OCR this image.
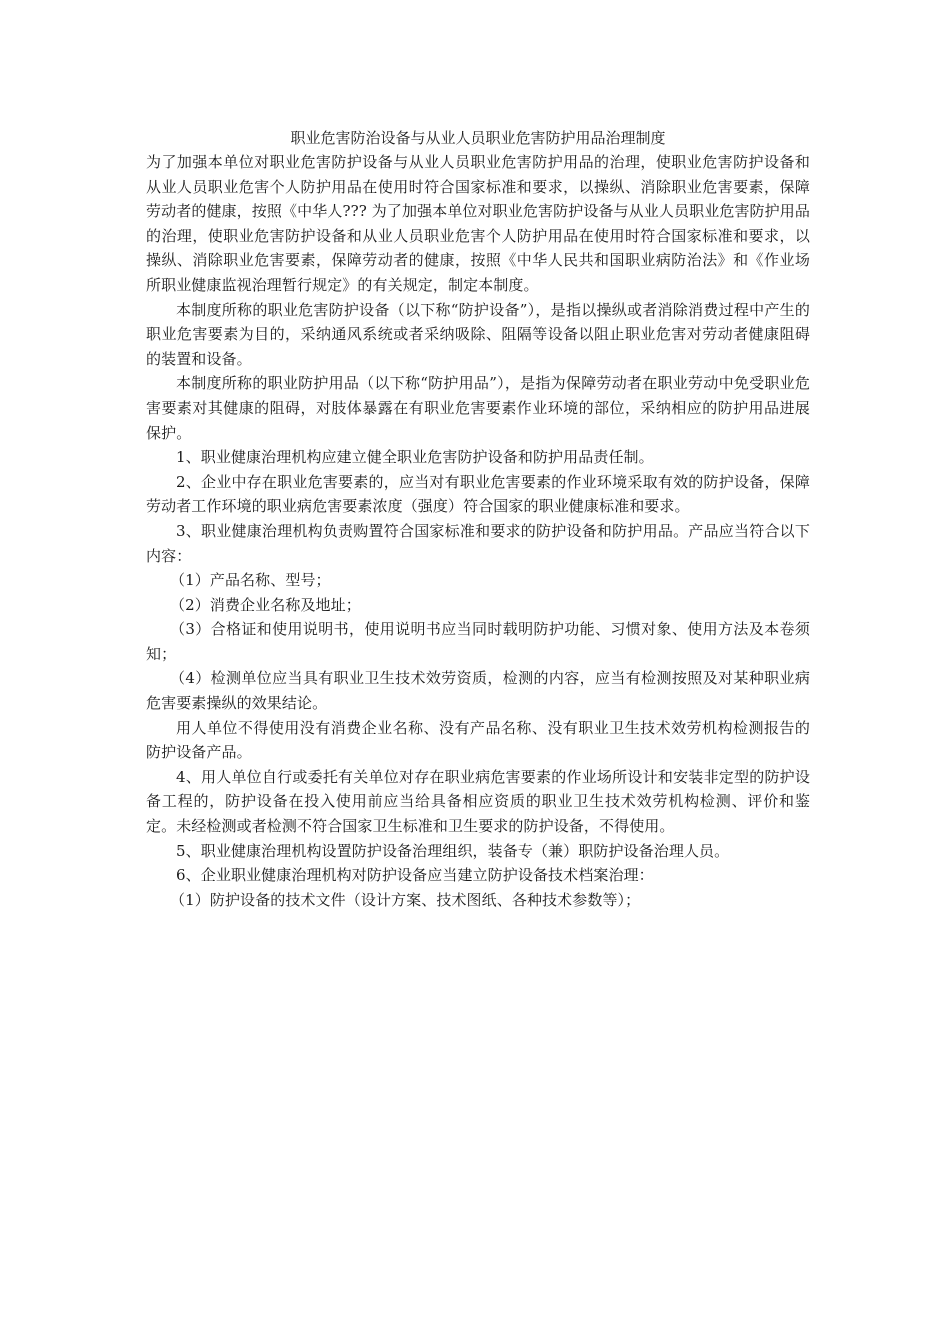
职业危害防治设备与从业人员职业危害防护用品治理制度

为了加强本单位对职业危害防护设备与从业人员职业危害防护用品的治理，使职业危害防护设备和从业人员职业危害个人防护用品在使用时符合国家标准和要求，以操纵、消除职业危害要素，保障劳动者的健康，按照《中华人??? 为了加强本单位对职业危害防护设备与从业人员职业危害防护用品的治理，使职业危害防护设备和从业人员职业危害个人防护用品在使用时符合国家标准和要求，以操纵、消除职业危害要素，保障劳动者的健康，按照《中华人民共和国职业病防治法》和《作业场所职业健康监视治理暂行规定》的有关规定，制定本制度。

本制度所称的职业危害防护设备（以下称“防护设备”），是指以操纵或者消除消费过程中产生的职业危害要素为目的，采纳通风系统或者采纳吸除、阻隔等设备以阻止职业危害对劳动者健康阻碍的装置和设备。

本制度所称的职业防护用品（以下称“防护用品”），是指为保障劳动者在职业劳动中免受职业危害要素对其健康的阻碍，对肢体暴露在有职业危害要素作业环境的部位，采纳相应的防护用品进展保护。

1、职业健康治理机构应建立健全职业危害防护设备和防护用品责任制。

2、企业中存在职业危害要素的，应当对有职业危害要素的作业环境采取有效的防护设备，保障劳动者工作环境的职业病危害要素浓度（强度）符合国家的职业健康标准和要求。

3、职业健康治理机构负责购置符合国家标准和要求的防护设备和防护用品。产品应当符合以下内容：

（1）产品名称、型号；

（2）消费企业名称及地址；

（3）合格证和使用说明书，使用说明书应当同时载明防护功能、习惯对象、使用方法及本卷须知；

（4）检测单位应当具有职业卫生技术效劳资质，检测的内容，应当有检测按照及对某种职业病危害要素操纵的效果结论。

用人单位不得使用没有消费企业名称、没有产品名称、没有职业卫生技术效劳机构检测报告的防护设备产品。

4、用人单位自行或委托有关单位对存在职业病危害要素的作业场所设计和安装非定型的防护设备工程的，防护设备在投入使用前应当给具备相应资质的职业卫生技术效劳机构检测、评价和鉴定。未经检测或者检测不符合国家卫生标准和卫生要求的防护设备，不得使用。

5、职业健康治理机构设置防护设备治理组织，装备专（兼）职防护设备治理人员。

6、企业职业健康治理机构对防护设备应当建立防护设备技术档案治理：

（1）防护设备的技术文件（设计方案、技术图纸、各种技术参数等）；
